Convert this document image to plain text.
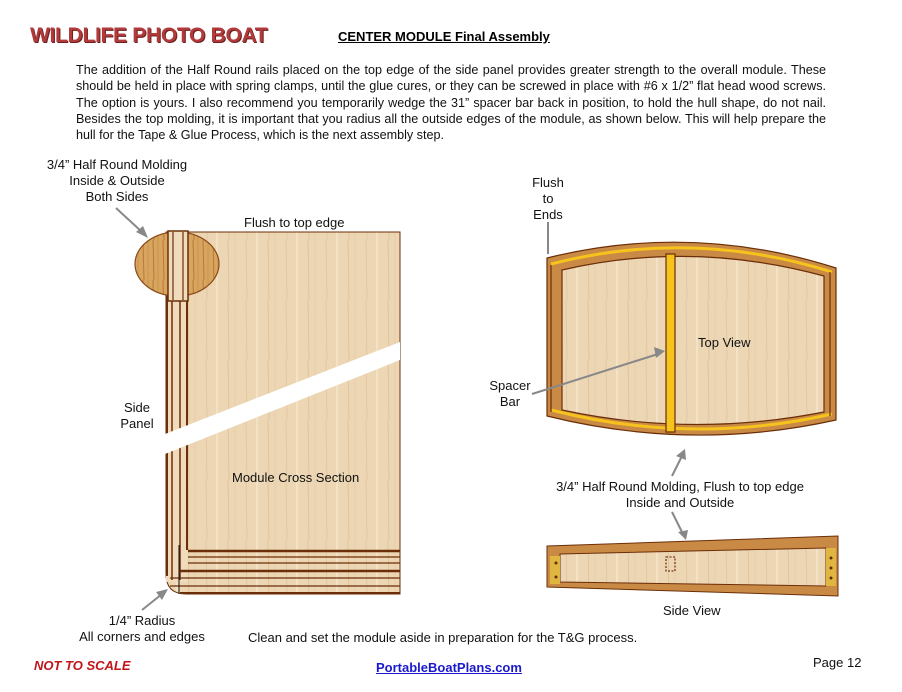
WILDLIFE PHOTO BOAT	CENTER MODULE Final Assembly
The addition of the Half Round rails placed on the top edge of the side panel provides greater strength to the overall module. These should be held in place with spring clamps, until the glue cures, or they can be screwed in place with #6 x 1/2” flat head wood screws. The option is yours. I also recommend you temporarily wedge the 31” spacer bar back in position, to hold the hull shape, do not nail. Besides the top molding, it is important that you radius all the outside edges of the module, as shown below. This will help prepare the hull for the Tape & Glue Process, which is the next assembly step.
3/4” Half Round Molding
Inside & Outside
Both Sides
Flush to top edge
Side
Panel
Module Cross Section
1/4” Radius
All corners and edges
Flush
to
Ends
Top View
Spacer
Bar
3/4” Half Round Molding, Flush to top edge
Inside and Outside
Side View
Clean and set the module aside in preparation for the T&G process.
NOT TO SCALE	PortableBoatPlans.com	Page 12
